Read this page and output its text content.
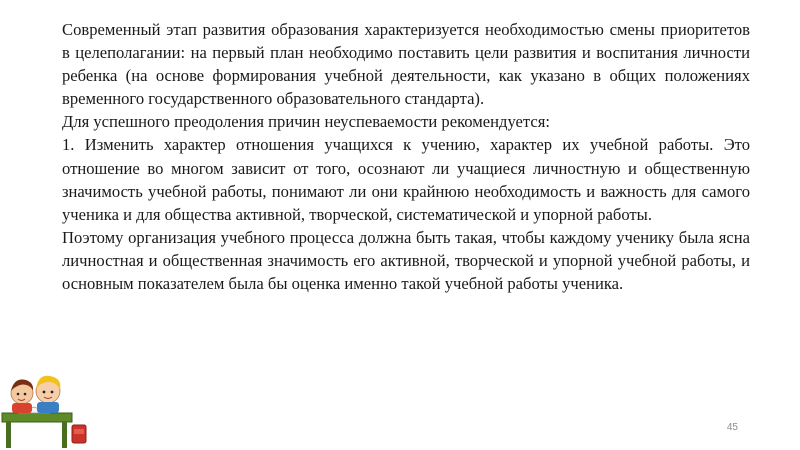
Современный этап развития образования характеризуется необходимостью смены приоритетов в целеполагании: на первый план необходимо поставить цели развития и воспитания личности ребенка (на основе формирования учебной деятельности, как указано в общих положениях временного государственного образовательного стандарта).

Для успешного преодоления причин неуспеваемости рекомендуется:

1. Изменить характер отношения учащихся к учению, характер их учебной работы. Это отношение во многом зависит от того, осознают ли учащиеся личностную и общественную значимость учебной работы, понимают ли они крайнюю необходимость и важность для самого ученика и для общества активной, творческой, систематической и упорной работы.

Поэтому организация учебного процесса должна быть такая, чтобы каждому ученику была ясна личностная и общественная значимость его активной, творческой и упорной учебной работы, и основным показателем была бы оценка именно такой учебной работы ученика.

45
